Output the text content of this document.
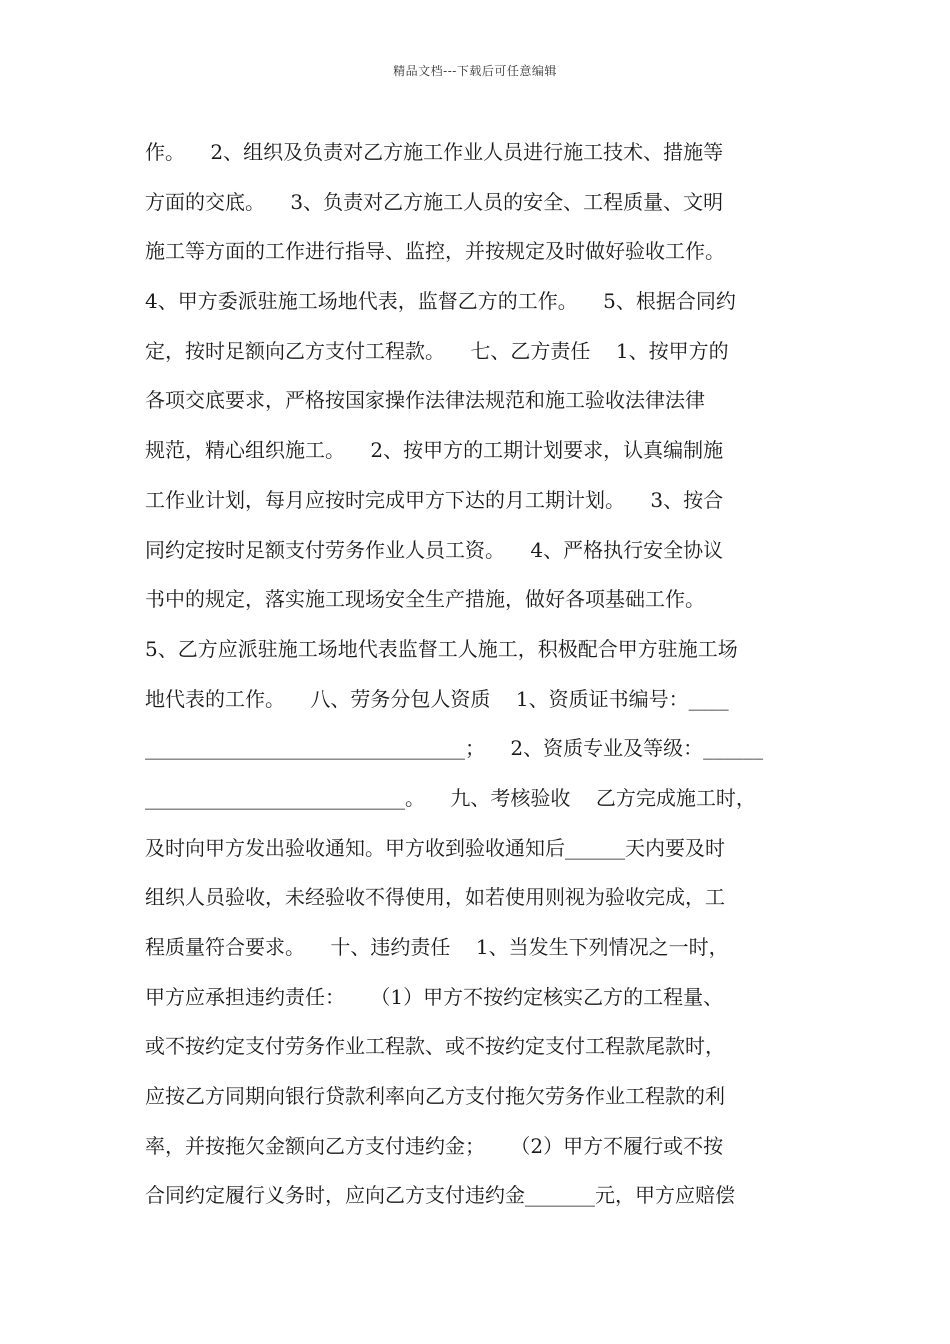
精品文档---下载后可任意编辑
作。    2、组织及负责对乙方施工作业人员进行施工技术、措施等
方面的交底。    3、负责对乙方施工人员的安全、工程质量、文明
施工等方面的工作进行指导、监控，并按规定及时做好验收工作。
4、甲方委派驻施工场地代表，监督乙方的工作。    5、根据合同约
定，按时足额向乙方支付工程款。    七、乙方责任    1、按甲方的
各项交底要求，严格按国家操作法律法规范和施工验收法律法律
规范，精心组织施工。    2、按甲方的工期计划要求，认真编制施
工作业计划，每月应按时完成甲方下达的月工期计划。    3、按合
同约定按时足额支付劳务作业人员工资。    4、严格执行安全协议
书中的规定，落实施工现场安全生产措施，做好各项基础工作。
5、乙方应派驻施工场地代表监督工人施工，积极配合甲方驻施工场
地代表的工作。    八、劳务分包人资质    1、资质证书编号：____
________________________________；    2、资质专业及等级：______
__________________________。    九、考核验收    乙方完成施工时，
及时向甲方发出验收通知。甲方收到验收通知后______天内要及时
组织人员验收，未经验收不得使用，如若使用则视为验收完成，工
程质量符合要求。    十、违约责任    1、当发生下列情况之一时，
甲方应承担违约责任：    （1）甲方不按约定核实乙方的工程量、
或不按约定支付劳务作业工程款、或不按约定支付工程款尾款时，
应按乙方同期向银行贷款利率向乙方支付拖欠劳务作业工程款的利
率，并按拖欠金额向乙方支付违约金；    （2）甲方不履行或不按
合同约定履行义务时，应向乙方支付违约金_______元，甲方应赔偿
